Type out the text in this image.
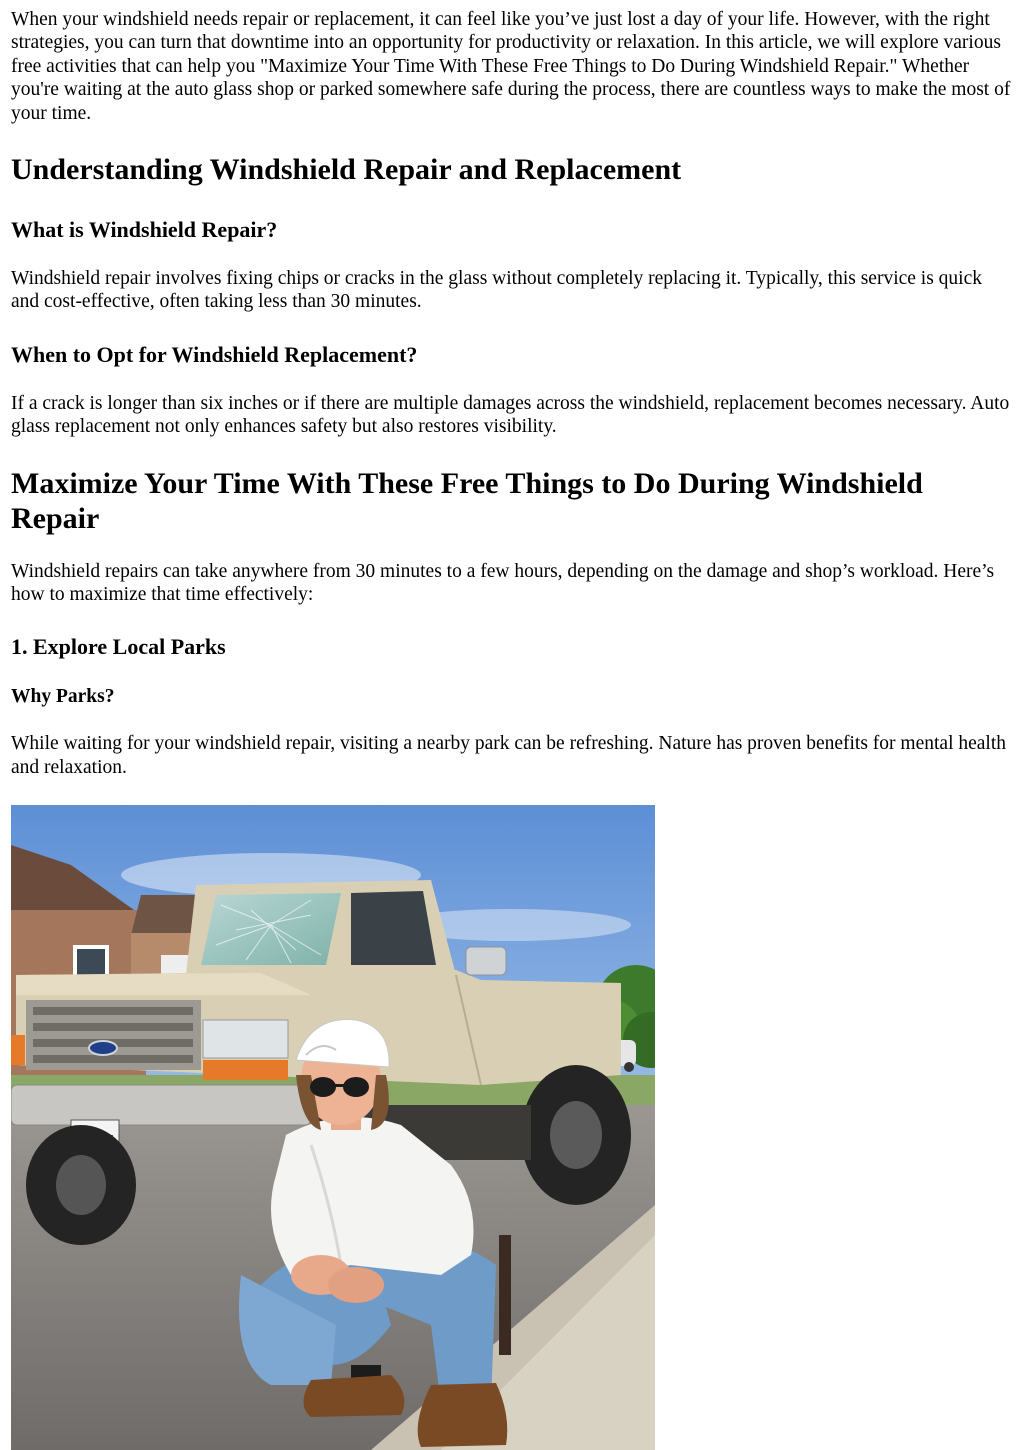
When your windshield needs repair or replacement, it can feel like you’ve just lost a day of your life. However, with the right strategies, you can turn that downtime into an opportunity for productivity or relaxation. In this article, we will explore various free activities that can help you "Maximize Your Time With These Free Things to Do During Windshield Repair." Whether you're waiting at the auto glass shop or parked somewhere safe during the process, there are countless ways to make the most of your time.

Understanding Windshield Repair and Replacement
What is Windshield Repair?

Windshield repair involves fixing chips or cracks in the glass without completely replacing it. Typically, this service is quick and cost-effective, often taking less than 30 minutes.

When to Opt for Windshield Replacement?

If a crack is longer than six inches or if there are multiple damages across the windshield, replacement becomes necessary. Auto glass replacement not only enhances safety but also restores visibility.

Maximize Your Time With These Free Things to Do During Windshield Repair

Windshield repairs can take anywhere from 30 minutes to a few hours, depending on the damage and shop’s workload. Here’s how to maximize that time effectively:

1. Explore Local Parks
Why Parks?

While waiting for your windshield repair, visiting a nearby park can be refreshing. Nature has proven benefits for mental health and relaxation.
